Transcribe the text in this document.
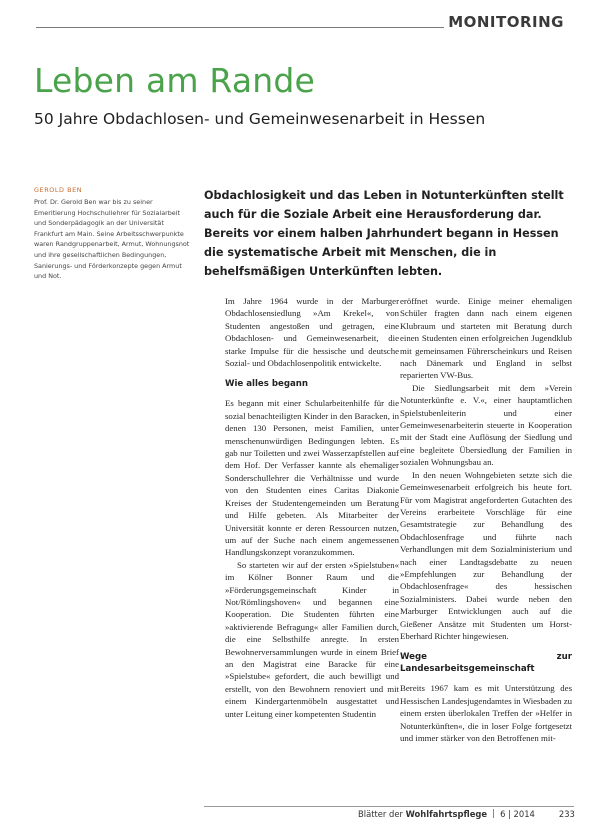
MONITORING
Leben am Rande
50 Jahre Obdachlosen- und Gemeinwesenarbeit in Hessen
GEROLD BEN
Prof. Dr. Gerold Ben war bis zu seiner Emeritierung Hochschullehrer für Sozialarbeit und Sonderpädagogik an der Universität Frankfurt am Main. Seine Arbeitsschwerpunkte waren Randgruppenarbeit, Armut, Wohnungsnot und ihre gesellschaftlichen Bedingungen, Sanierungs- und Förderkonzepte gegen Armut und Not.

Obdachlosigkeit und das Leben in Notunterkünften stellt auch für die Soziale Arbeit eine Herausforderung dar. Bereits vor einem halben Jahrhundert begann in Hessen die systematische Arbeit mit Menschen, die in behelfsmäßigen Unterkünften lebten.

Im Jahre 1964 wurde in der Marburger Obdachlosensiedlung »Am Krekel«, von Studenten angestoßen und getragen, eine Obdachlosen- und Gemeinwesenarbeit, die starke Impulse für die hessische und deutsche Sozial- und Obdachlosenpolitik entwickelte.

Wie alles begann

Es begann mit einer Schularbeitenhilfe für die sozial benachteiligten Kinder in den Baracken, in denen 130 Personen, meist Familien, unter menschenunwürdigen Bedingungen lebten. Es gab nur Toiletten und zwei Wasserzapfstellen auf dem Hof. Der Verfasser kannte als ehemaliger Sonderschullehrer die Verhältnisse und wurde von den Studenten eines Caritas Diakonie Kreises der Studentengemeinden um Beratung und Hilfe gebeten. Als Mitarbeiter der Universität konnte er deren Ressourcen nutzen, um auf der Suche nach einem angemessenen Handlungskonzept voranzukommen.

So starteten wir auf der ersten »Spielstuben« im Kölner Bonner Raum und die »Förderungsgemeinschaft Kinder in Not/Römlingshoven« und begannen eine Kooperation. Die Studenten führten eine »aktivierende Befragung« aller Familien durch, die eine Selbsthilfe anregte. In ersten Bewohnerversammlungen wurde in einem Brief an den Magistrat eine Baracke für eine »Spielstube« gefordert, die auch bewilligt und erstellt, von den Bewohnern renoviert und mit einem Kindergartenmöbeln ausgestattet und unter Leitung einer kompetenten Studentin

eröffnet wurde. Einige meiner ehemaligen Schüler fragten dann nach einem eigenen Klubraum und starteten mit Beratung durch einen Studenten einen erfolgreichen Jugendklub mit gemeinsamen Führerscheinkurs und Reisen nach Dänemark und England in selbst reparierten VW-Bus.

Die Siedlungsarbeit mit dem »Verein Notunterkünfte e. V.«, einer hauptamtlichen Spielstubenleiterin und einer Gemeinwesenarbeiterin steuerte in Kooperation mit der Stadt eine Auflösung der Siedlung und eine begleitete Übersiedlung der Familien in sozialen Wohnungsbau an.

In den neuen Wohngebieten setzte sich die Gemeinwesenarbeit erfolgreich bis heute fort. Für vom Magistrat angeforderten Gutachten des Vereins erarbeitete Vorschläge für eine Gesamtstrategie zur Behandlung des Obdachlosenfrage und führte nach Verhandlungen mit dem Sozialministerium und nach einer Landtagsdebatte zu neuen »Empfehlungen zur Behandlung der Obdachlosenfrage« des hessischen Sozialministers. Dabei wurde neben den Marburger Entwicklungen auch auf die Gießener Ansätze mit Studenten um Horst-Eberhard Richter hingewiesen.

Wege zur Landesarbeitsgemeinschaft

Bereits 1967 kam es mit Unterstützung des Hessischen Landesjugendamtes in Wiesbaden zu einem ersten überlokalen Treffen der »Helfer in Notunterkünften«, die in loser Folge fortgesetzt und immer stärker von den Betroffenen mit-

Blätter der Wohlfahrtspflege 6 | 2014	233
